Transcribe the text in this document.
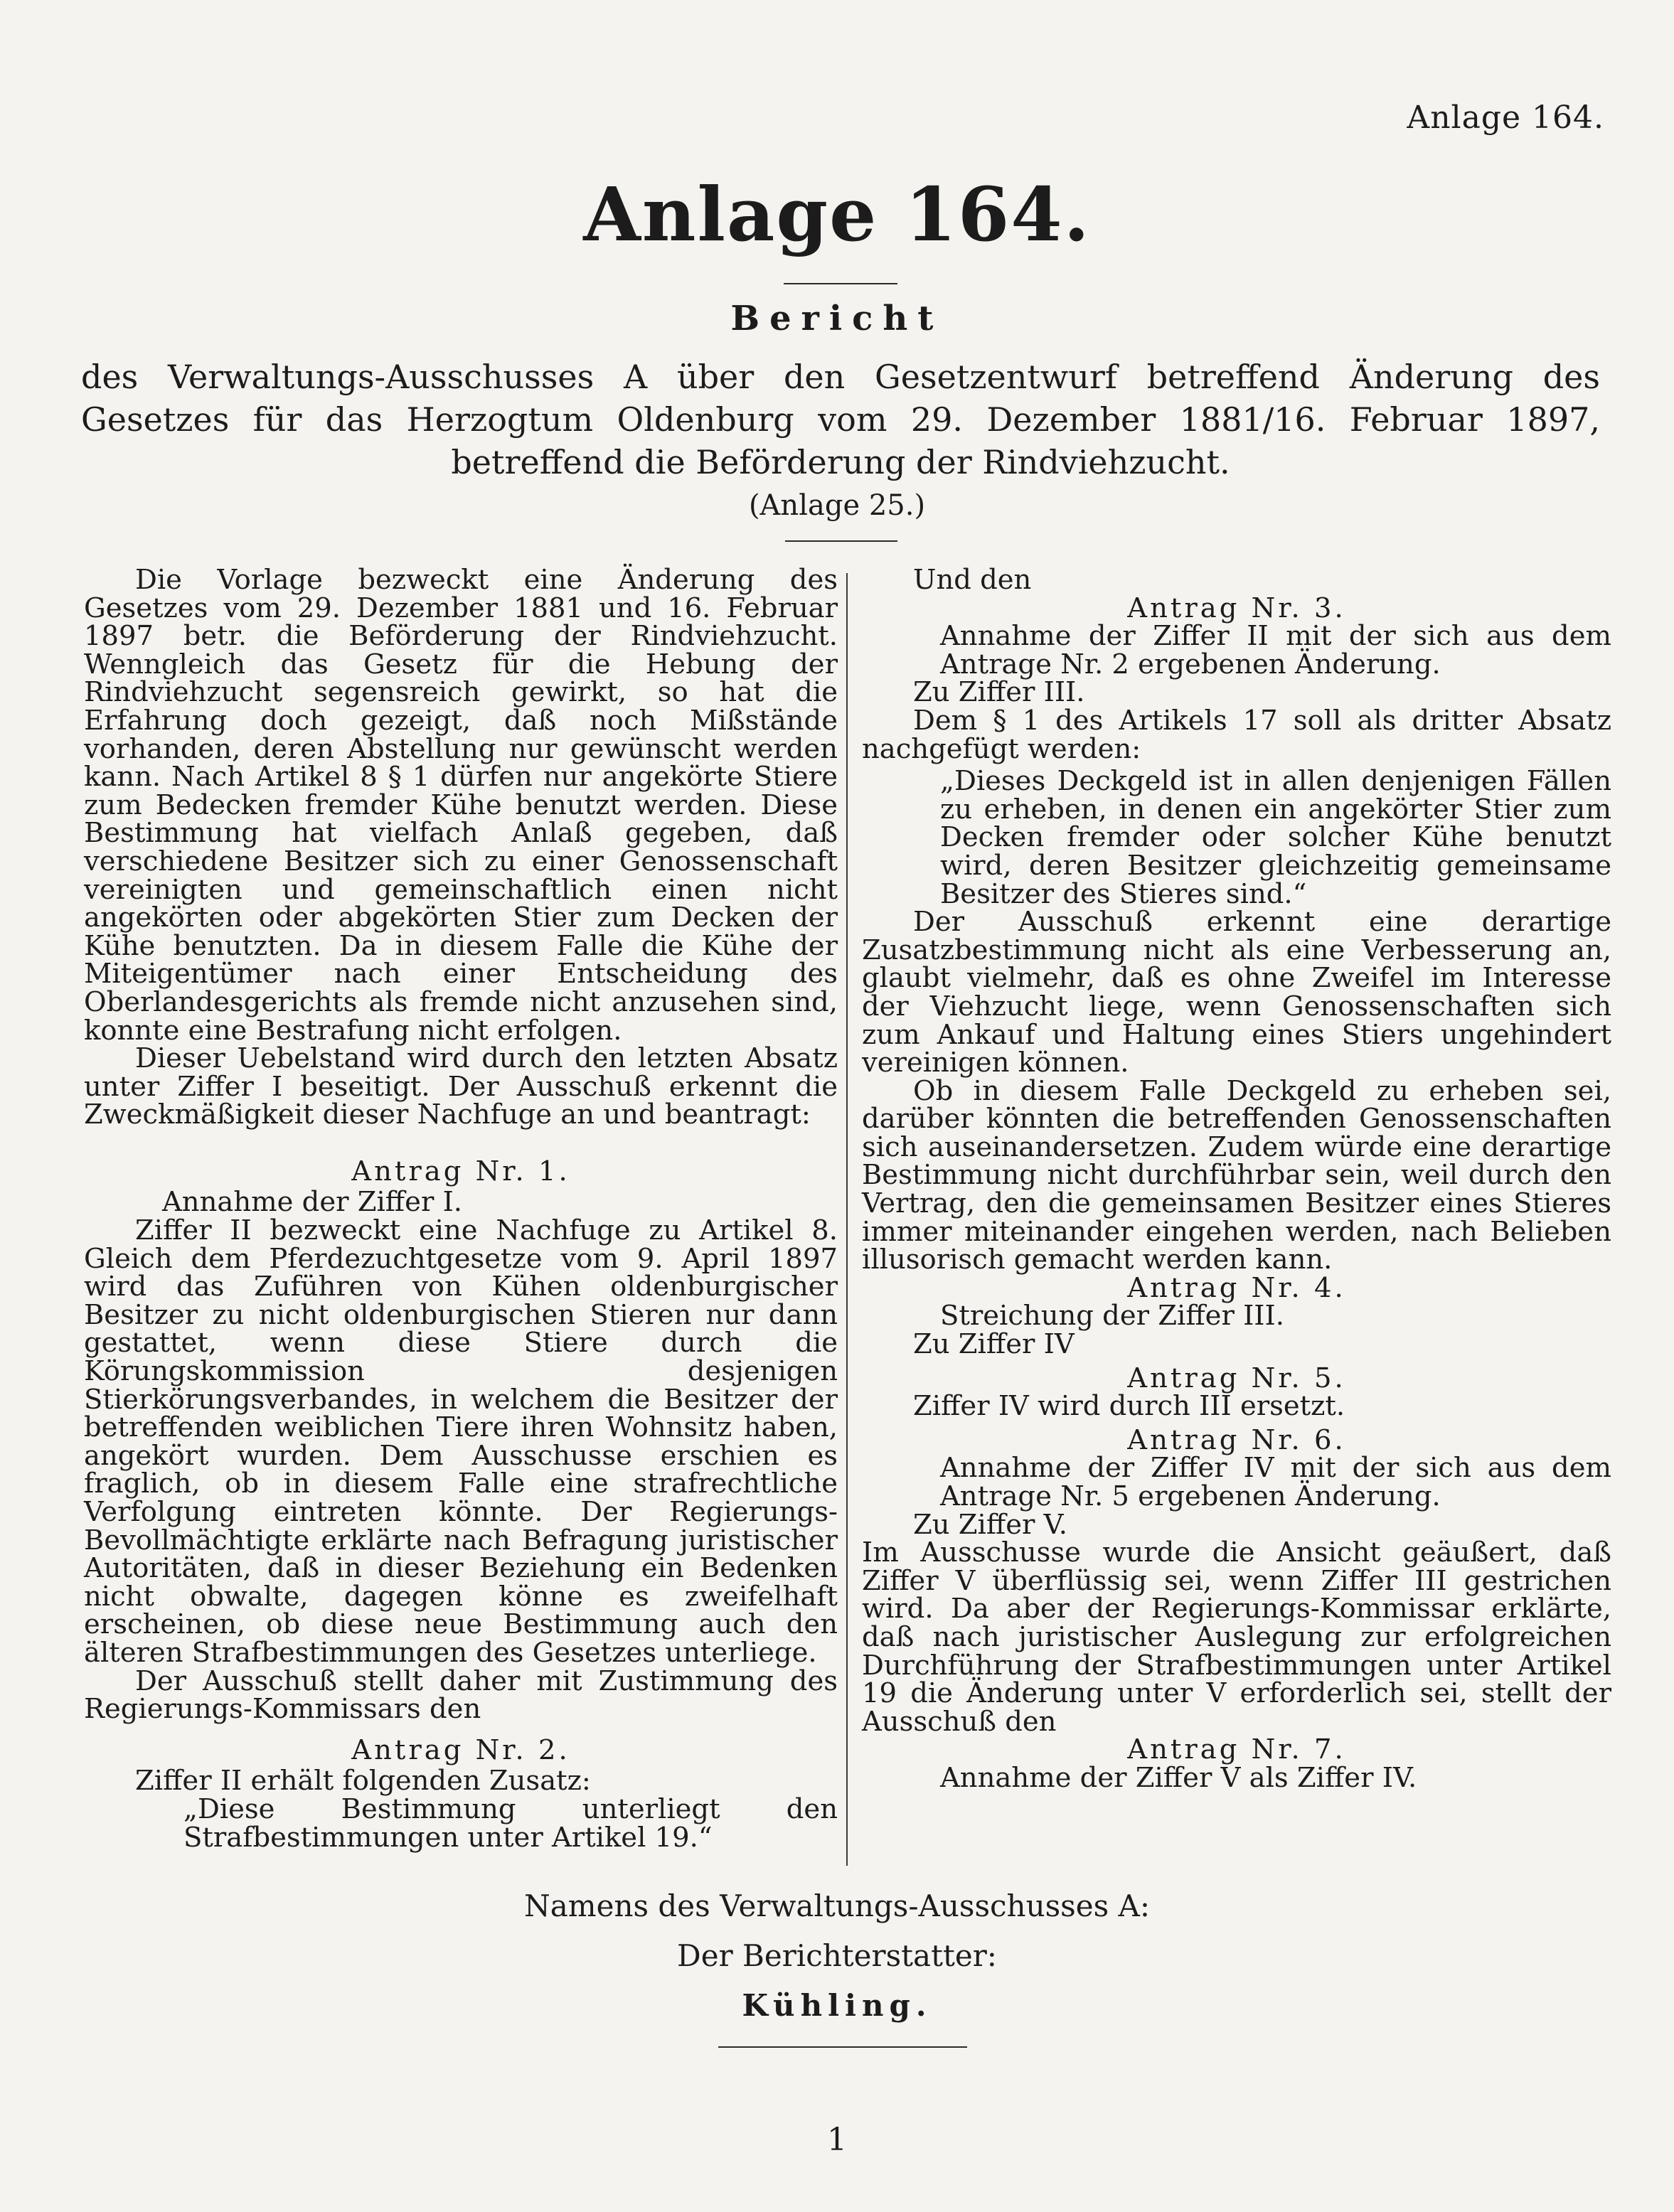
Anlage 164.
Anlage 164.
Bericht
des Verwaltungs-Ausschusses A über den Gesetzentwurf betreffend Änderung des Gesetzes für das Herzogtum Oldenburg vom 29. Dezember 1881/16. Februar 1897, betreffend die Beförderung der Rindviehzucht.
(Anlage 25.)

Die Vorlage bezweckt eine Änderung des Gesetzes vom 29. Dezember 1881 und 16. Februar 1897 betr. die Beförderung der Rindviehzucht. Wenngleich das Gesetz für die Hebung der Rindviehzucht segensreich gewirkt, so hat die Erfahrung doch gezeigt, daß noch Mißstände vorhanden, deren Abstellung nur gewünscht werden kann. Nach Artikel 8 § 1 dürfen nur angekörte Stiere zum Bedecken fremder Kühe benutzt werden. Diese Bestimmung hat vielfach Anlaß gegeben, daß verschiedene Besitzer sich zu einer Genossenschaft vereinigten und gemeinschaftlich einen nicht angekörten oder abgekörten Stier zum Decken der Kühe benutzten. Da in diesem Falle die Kühe der Miteigentümer nach einer Entscheidung des Oberlandesgerichts als fremde nicht anzusehen sind, konnte eine Bestrafung nicht erfolgen.

Dieser Uebelstand wird durch den letzten Absatz unter Ziffer I beseitigt. Der Ausschuß erkennt die Zweckmäßigkeit dieser Nachfuge an und beantragt:

Antrag Nr. 1.

Annahme der Ziffer I.

Ziffer II bezweckt eine Nachfuge zu Artikel 8. Gleich dem Pferdezuchtgesetze vom 9. April 1897 wird das Zuführen von Kühen oldenburgischer Besitzer zu nicht oldenburgischen Stieren nur dann gestattet, wenn diese Stiere durch die Körungskommission desjenigen Stierkörungsverbandes, in welchem die Besitzer der betreffenden weiblichen Tiere ihren Wohnsitz haben, angekört wurden. Dem Ausschusse erschien es fraglich, ob in diesem Falle eine strafrechtliche Verfolgung eintreten könnte. Der Regierungs-Bevollmächtigte erklärte nach Befragung juristischer Autoritäten, daß in dieser Beziehung ein Bedenken nicht obwalte, dagegen könne es zweifelhaft erscheinen, ob diese neue Bestimmung auch den älteren Strafbestimmungen des Gesetzes unterliege.

Der Ausschuß stellt daher mit Zustimmung des Regierungs-Kommissars den

Antrag Nr. 2.

Ziffer II erhält folgenden Zusatz:

„Diese Bestimmung unterliegt den Strafbestimmungen unter Artikel 19.“

Und den

Antrag Nr. 3.

Annahme der Ziffer II mit der sich aus dem Antrage Nr. 2 ergebenen Änderung.

Zu Ziffer III.

Dem § 1 des Artikels 17 soll als dritter Absatz nachgefügt werden:

„Dieses Deckgeld ist in allen denjenigen Fällen zu erheben, in denen ein angekörter Stier zum Decken fremder oder solcher Kühe benutzt wird, deren Besitzer gleichzeitig gemeinsame Besitzer des Stieres sind.“

Der Ausschuß erkennt eine derartige Zusatzbestimmung nicht als eine Verbesserung an, glaubt vielmehr, daß es ohne Zweifel im Interesse der Viehzucht liege, wenn Genossenschaften sich zum Ankauf und Haltung eines Stiers ungehindert vereinigen können.

Ob in diesem Falle Deckgeld zu erheben sei, darüber könnten die betreffenden Genossenschaften sich auseinandersetzen. Zudem würde eine derartige Bestimmung nicht durchführbar sein, weil durch den Vertrag, den die gemeinsamen Besitzer eines Stieres immer miteinander eingehen werden, nach Belieben illusorisch gemacht werden kann.

Antrag Nr. 4.

Streichung der Ziffer III.

Zu Ziffer IV

Antrag Nr. 5.

Ziffer IV wird durch III ersetzt.

Antrag Nr. 6.

Annahme der Ziffer IV mit der sich aus dem Antrage Nr. 5 ergebenen Änderung.

Zu Ziffer V.

Im Ausschusse wurde die Ansicht geäußert, daß Ziffer V überflüssig sei, wenn Ziffer III gestrichen wird. Da aber der Regierungs-Kommissar erklärte, daß nach juristischer Auslegung zur erfolgreichen Durchführung der Strafbestimmungen unter Artikel 19 die Änderung unter V erforderlich sei, stellt der Ausschuß den

Antrag Nr. 7.

Annahme der Ziffer V als Ziffer IV.

Namens des Verwaltungs-Ausschusses A:
Der Berichterstatter:
Kühling.
1
